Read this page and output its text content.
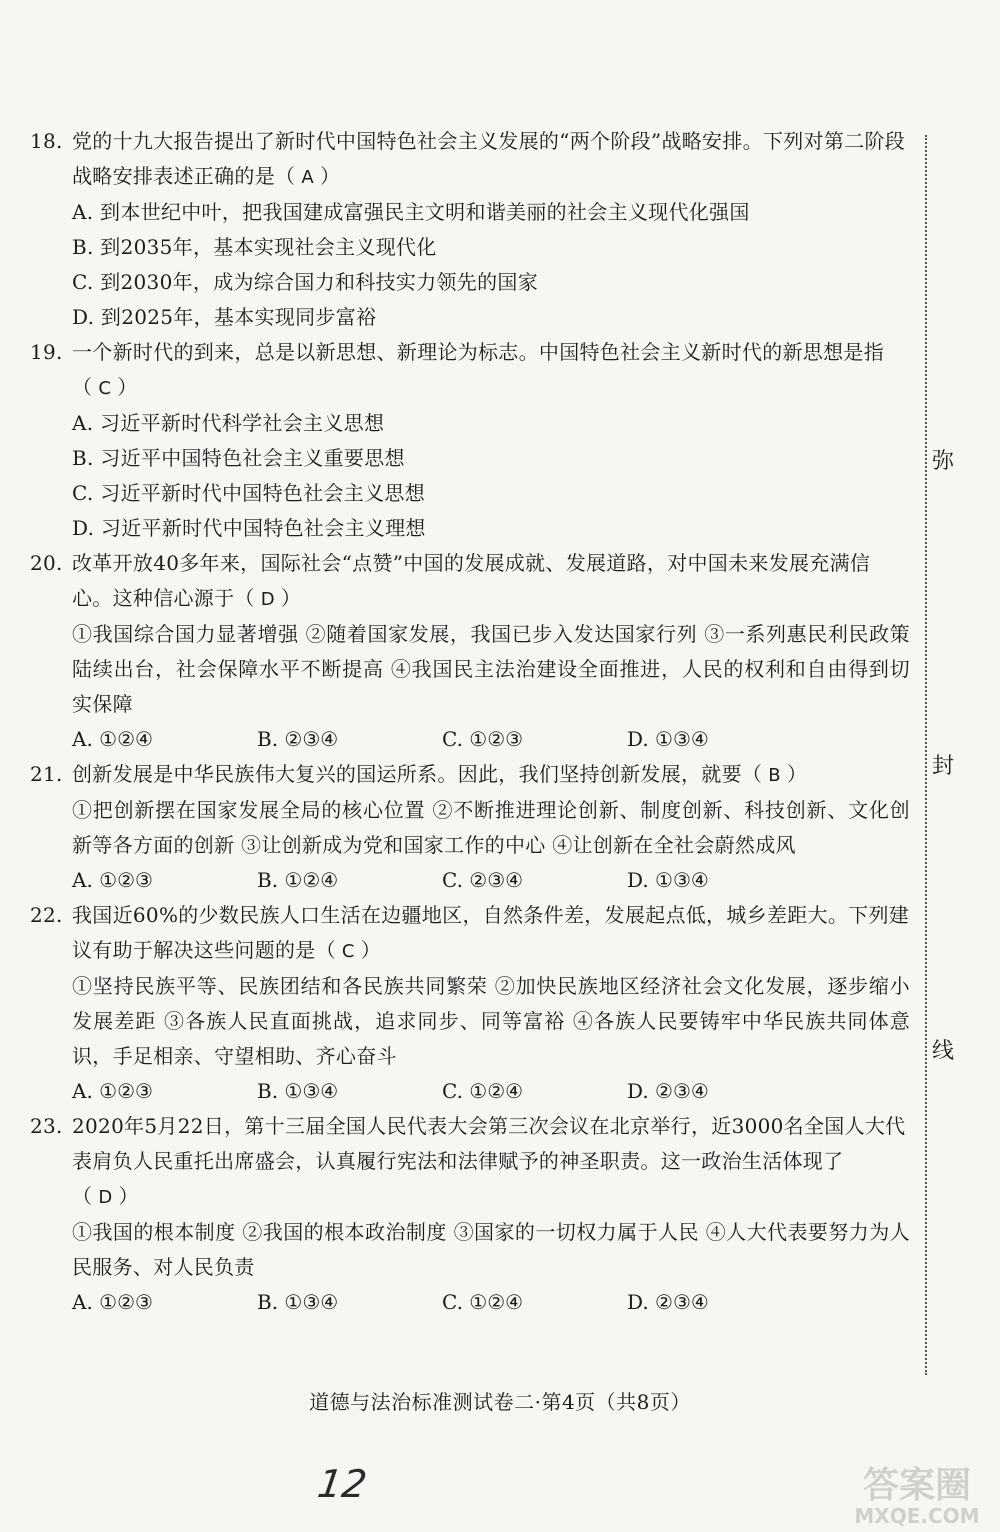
18. 党的十九大报告提出了新时代中国特色社会主义发展的“两个阶段”战略安排。下列对第二阶段战略安排表述正确的是（ A ）

A. 到本世纪中叶，把我国建成富强民主文明和谐美丽的社会主义现代化强国

B. 到2035年，基本实现社会主义现代化

C. 到2030年，成为综合国力和科技实力领先的国家

D. 到2025年，基本实现同步富裕

19. 一个新时代的到来，总是以新思想、新理论为标志。中国特色社会主义新时代的新思想是指（ C ）

A. 习近平新时代科学社会主义思想

B. 习近平中国特色社会主义重要思想

C. 习近平新时代中国特色社会主义思想

D. 习近平新时代中国特色社会主义理想

20. 改革开放40多年来，国际社会“点赞”中国的发展成就、发展道路，对中国未来发展充满信心。这种信心源于（ D ）

①我国综合国力显著增强 ②随着国家发展，我国已步入发达国家行列 ③一系列惠民利民政策陆续出台，社会保障水平不断提高 ④我国民主法治建设全面推进，人民的权利和自由得到切实保障

A. ①②④	B. ②③④	C. ①②③	D. ①③④

21. 创新发展是中华民族伟大复兴的国运所系。因此，我们坚持创新发展，就要（ B ）

①把创新摆在国家发展全局的核心位置 ②不断推进理论创新、制度创新、科技创新、文化创新等各方面的创新 ③让创新成为党和国家工作的中心 ④让创新在全社会蔚然成风

A. ①②③	B. ①②④	C. ②③④	D. ①③④

22. 我国近60%的少数民族人口生活在边疆地区，自然条件差，发展起点低，城乡差距大。下列建议有助于解决这些问题的是（ C ）

①坚持民族平等、民族团结和各民族共同繁荣 ②加快民族地区经济社会文化发展，逐步缩小发展差距 ③各族人民直面挑战，追求同步、同等富裕 ④各族人民要铸牢中华民族共同体意识，手足相亲、守望相助、齐心奋斗

A. ①②③	B. ①③④	C. ①②④	D. ②③④

23. 2020年5月22日，第十三届全国人民代表大会第三次会议在北京举行，近3000名全国人大代表肩负人民重托出席盛会，认真履行宪法和法律赋予的神圣职责。这一政治生活体现了（ D ）

①我国的根本制度 ②我国的根本政治制度 ③国家的一切权力属于人民 ④人大代表要努力为人民服务、对人民负责

A. ①②③	B. ①③④	C. ①②④	D. ②③④
弥
封
线
道德与法治标准测试卷二·第4页（共8页）
12	答案圈
MXQE.COM
